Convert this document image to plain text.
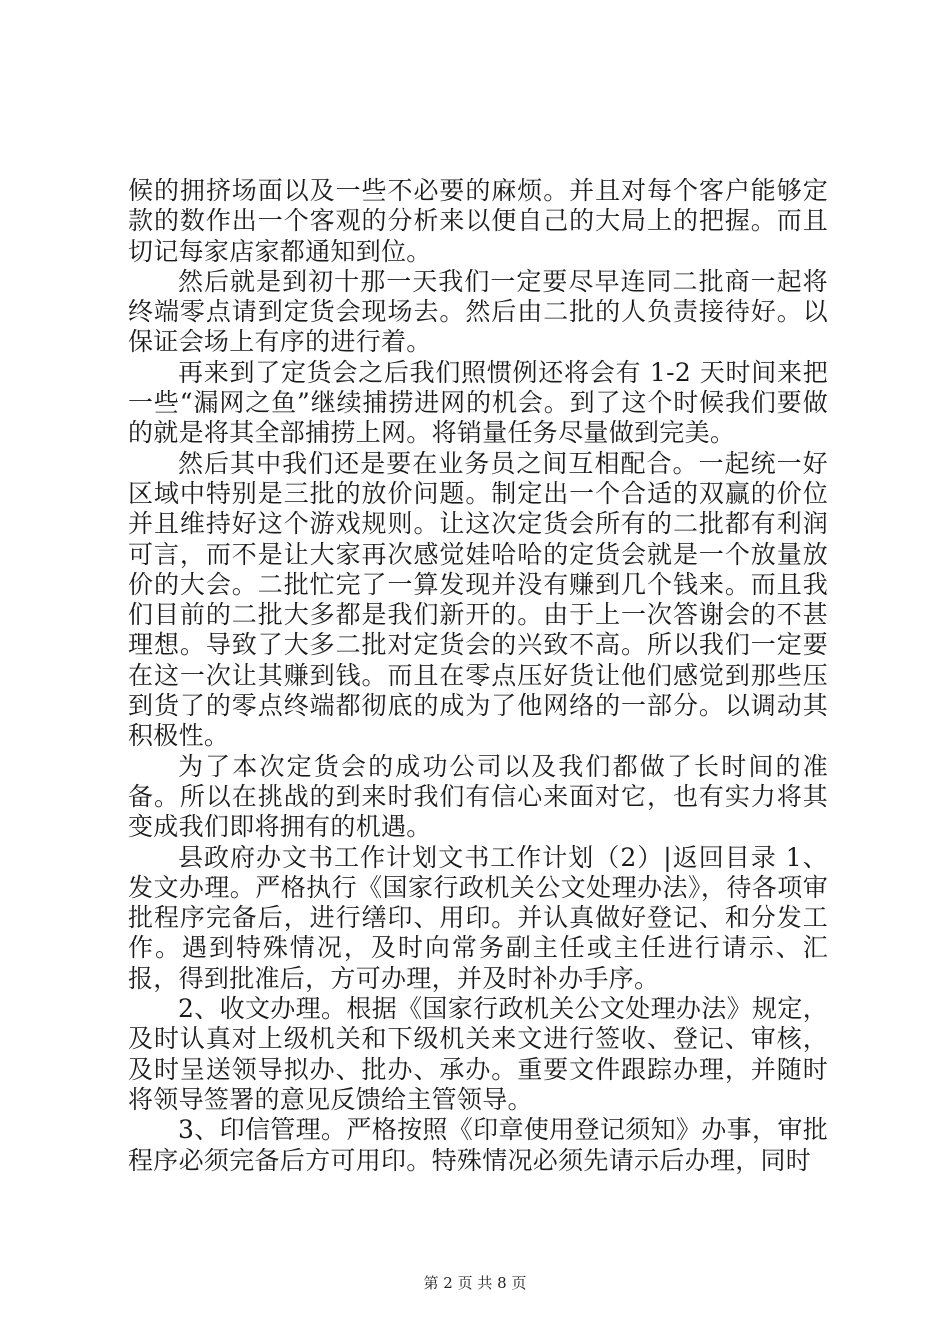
候的拥挤场面以及一些不必要的麻烦。并且对每个客户能够定款的数作出一个客观的分析来以便自己的大局上的把握。而且切记每家店家都通知到位。

然后就是到初十那一天我们一定要尽早连同二批商一起将终端零点请到定货会现场去。然后由二批的人负责接待好。以保证会场上有序的进行着。

再来到了定货会之后我们照惯例还将会有 1-2 天时间来把一些“漏网之鱼”继续捕捞进网的机会。到了这个时候我们要做的就是将其全部捕捞上网。将销量任务尽量做到完美。

然后其中我们还是要在业务员之间互相配合。一起统一好区域中特别是三批的放价问题。制定出一个合适的双赢的价位并且维持好这个游戏规则。让这次定货会所有的二批都有利润可言，而不是让大家再次感觉娃哈哈的定货会就是一个放量放价的大会。二批忙完了一算发现并没有赚到几个钱来。而且我们目前的二批大多都是我们新开的。由于上一次答谢会的不甚理想。导致了大多二批对定货会的兴致不高。所以我们一定要在这一次让其赚到钱。而且在零点压好货让他们感觉到那些压到货了的零点终端都彻底的成为了他网络的一部分。以调动其积极性。

为了本次定货会的成功公司以及我们都做了长时间的准备。所以在挑战的到来时我们有信心来面对它，也有实力将其变成我们即将拥有的机遇。

县政府办文书工作计划文书工作计划（2）|返回目录 1、发文办理。严格执行《国家行政机关公文处理办法》，待各项审批程序完备后，进行缮印、用印。并认真做好登记、和分发工作。遇到特殊情况，及时向常务副主任或主任进行请示、汇报，得到批准后，方可办理，并及时补办手序。

2、收文办理。根据《国家行政机关公文处理办法》规定，及时认真对上级机关和下级机关来文进行签收、登记、审核，及时呈送领导拟办、批办、承办。重要文件跟踪办理，并随时将领导签署的意见反馈给主管领导。

3、印信管理。严格按照《印章使用登记须知》办事，审批程序必须完备后方可用印。特殊情况必须先请示后办理，同时

第 2 页 共 8 页
